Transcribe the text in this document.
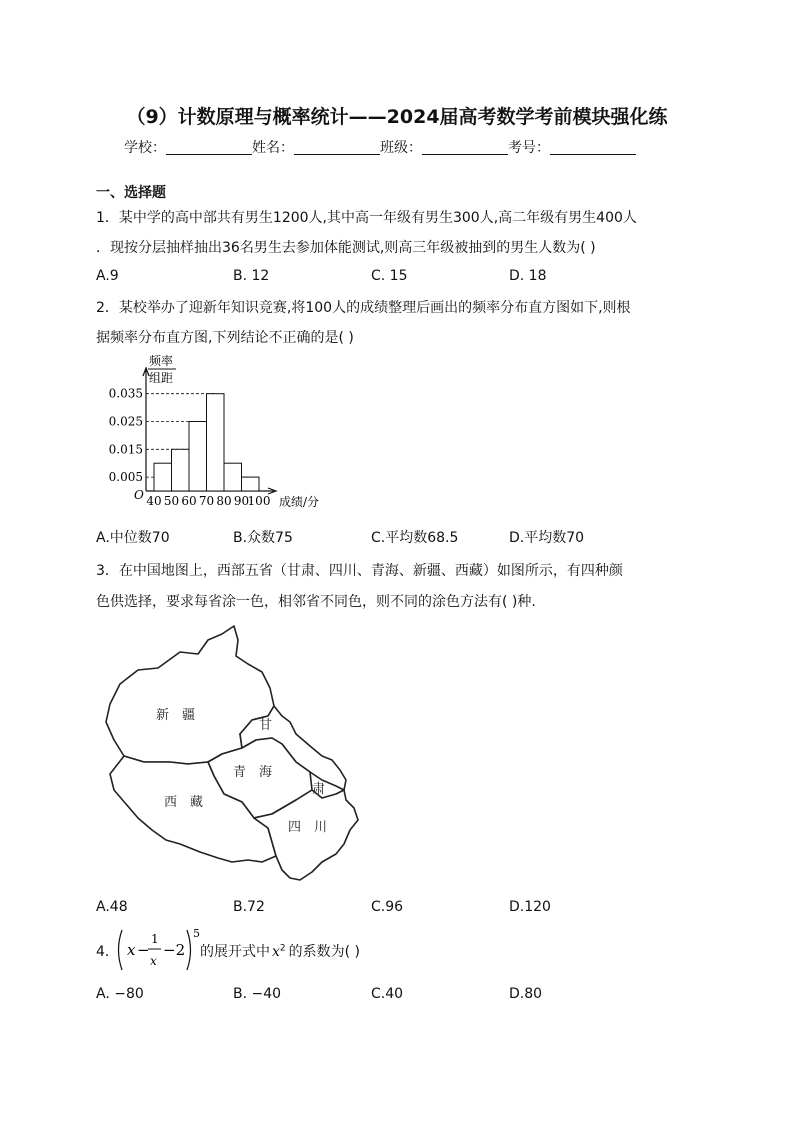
（9）计数原理与概率统计——2024届高考数学考前模块强化练
学校：	姓名：	班级：	考号：
一、选择题
1．某中学的高中部共有男生1200人,其中高一年级有男生300人,高二年级有男生400人
．现按分层抽样抽出36名男生去参加体能测试,则高三年级被抽到的男生人数为( )
A.9	B. 12	C. 15	D. 18
2．某校举办了迎新年知识竞赛,将100人的成绩整理后画出的频率分布直方图如下,则根
据频率分布直方图,下列结论不正确的是( )
频率
组距
0.005
0.015
0.025
0.035
40 50 60 70 80 90
100
O	成绩/分
A.中位数70	B.众数75	C.平均数68.5	D.平均数70
3．在中国地图上，西部五省（甘肃、四川、青海、新疆、西藏）如图所示，有四种颜
色供选择，要求每省涂一色，相邻省不同色，则不同的涂色方法有( )种.
新　疆
甘
青　海
肃
西　藏
四　川
A.48	B.72	C.96	D.120
4． x −
1
x
−2
5
的展开式中 $x^2$ 的系数为( )
A. −80	B. −40	C.40	D.80
